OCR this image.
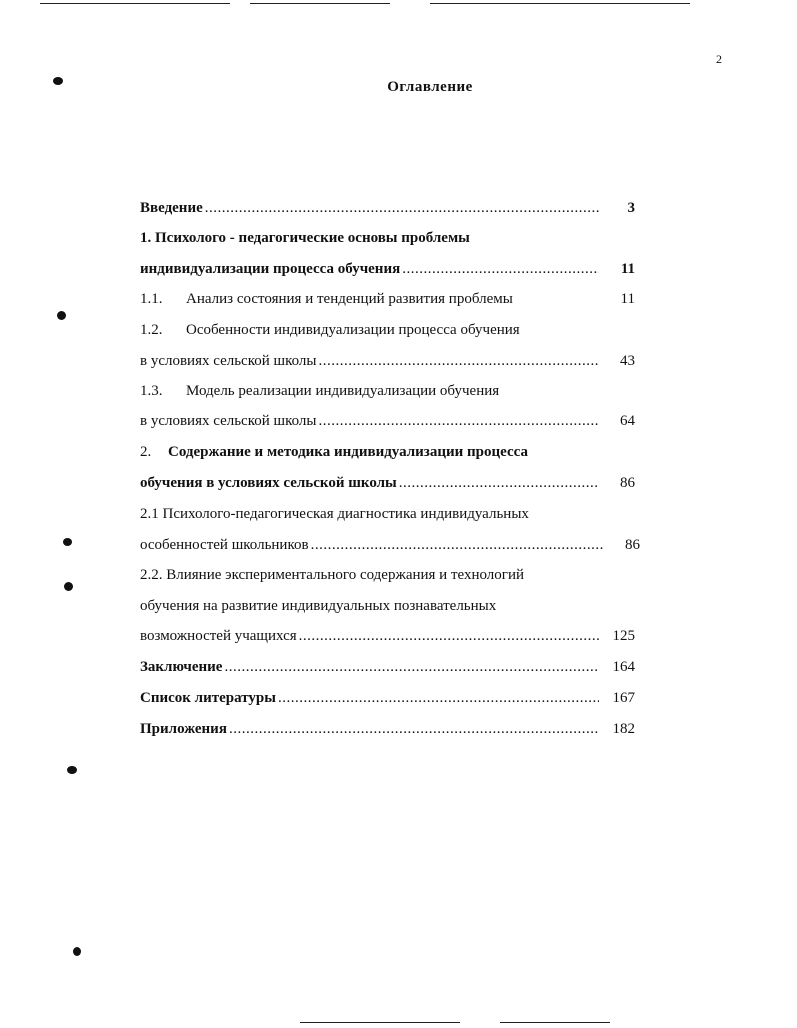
2
Оглавление
Введение .....	3
1. Психолого - педагогические основы проблемы
индивидуализации процесса обучения .....	11
1.1.	Анализ состояния и тенденций развития проблемы	11
1.2. Особенности индивидуализации процесса обучения
в условиях сельской школы .....	43
1.3. Модель реализации индивидуализации обучения
в условиях сельской школы .....	64
2. Содержание и методика индивидуализации процесса
обучения в условиях сельской школы .....	86
2.1 Психолого-педагогическая диагностика индивидуальных
особенностей школьников .....	86
2.2. Влияние экспериментального содержания и технологий
обучения на развитие индивидуальных познавательных
возможностей учащихся .....	125
Заключение .....	164
Список литературы .....	167
Приложения .....	182
